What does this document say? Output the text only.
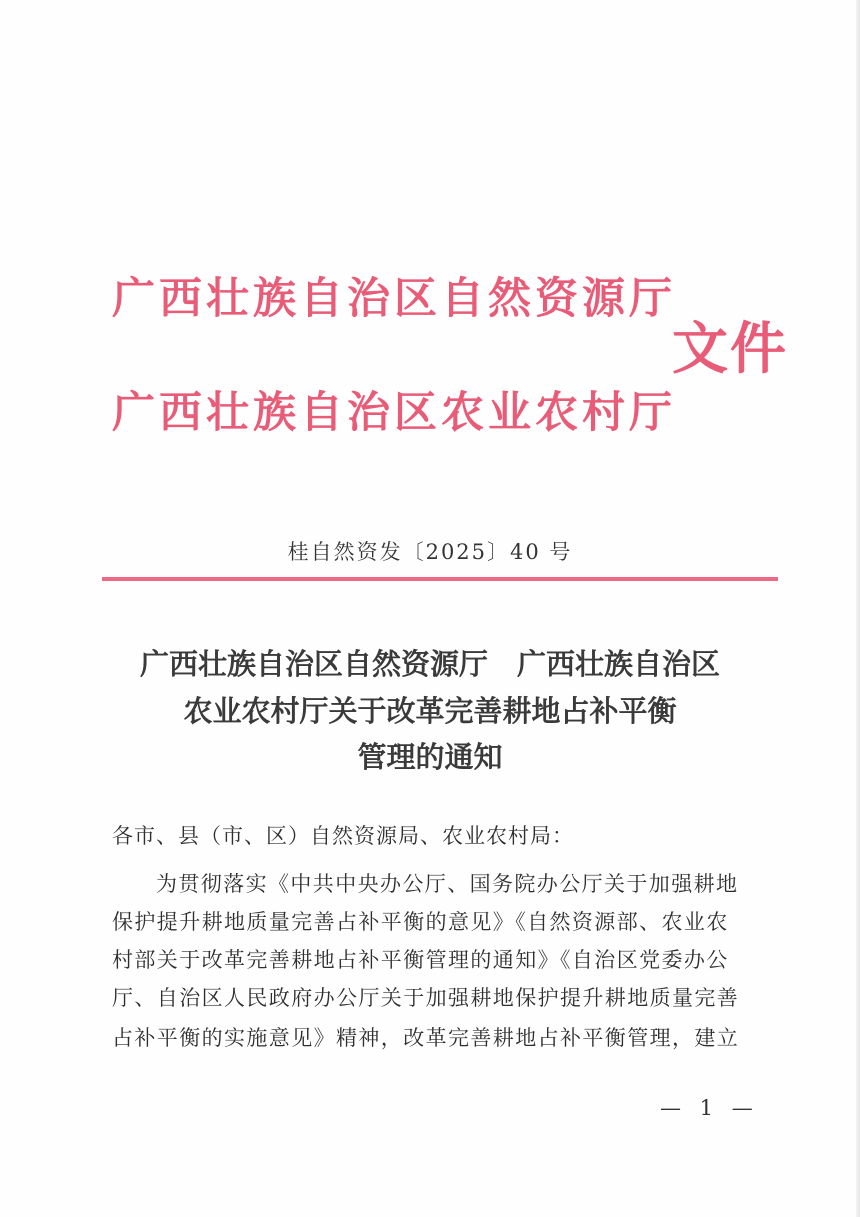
广西壮族自治区自然资源厅
广西壮族自治区农业农村厅
文件
桂自然资发〔2025〕40 号
广西壮族自治区自然资源厅　广西壮族自治区
农业农村厅关于改革完善耕地占补平衡
管理的通知
各市、县（市、区）自然资源局、农业农村局：
为贯彻落实《中共中央办公厅、国务院办公厅关于加强耕地
保护提升耕地质量完善占补平衡的意见》《自然资源部、农业农
村部关于改革完善耕地占补平衡管理的通知》《自治区党委办公
厅、自治区人民政府办公厅关于加强耕地保护提升耕地质量完善
占补平衡的实施意见》精神，改革完善耕地占补平衡管理，建立
— 1 —
